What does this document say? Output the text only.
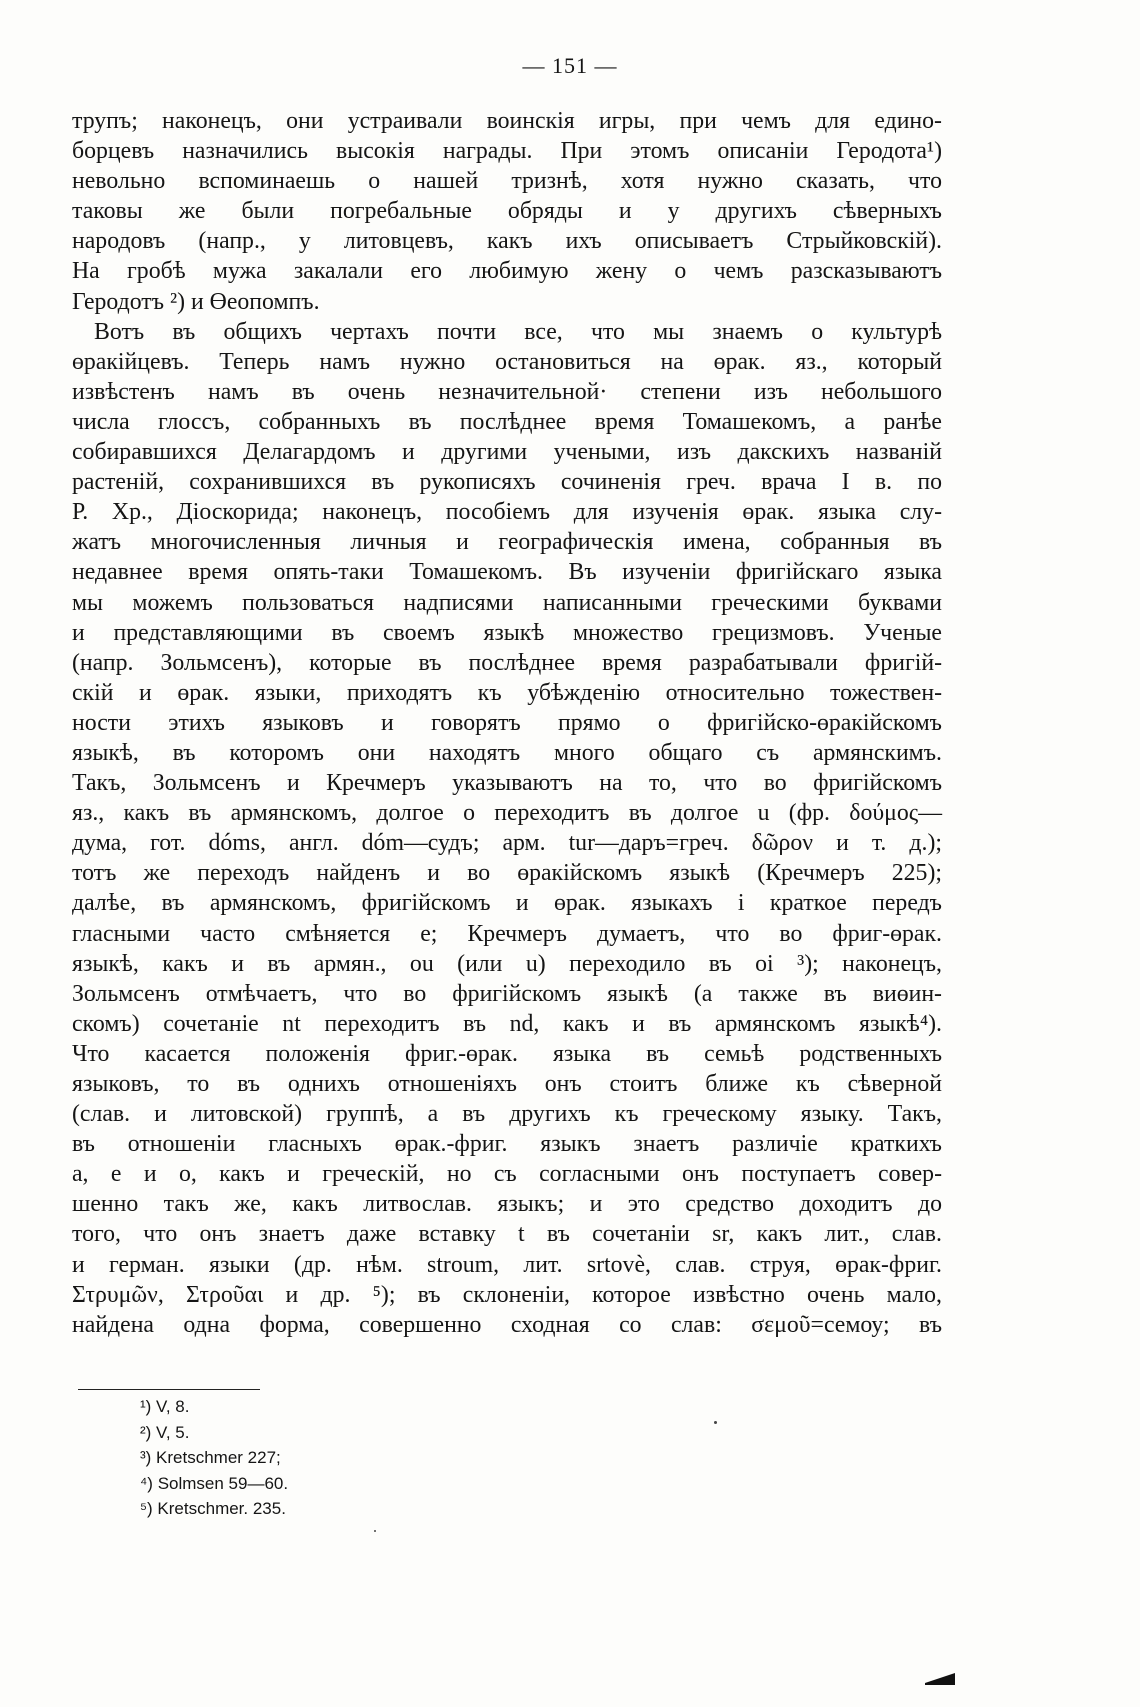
— 151 —
трупъ; наконецъ, они устраивали воинскія игры, при чемъ для едино-
борцевъ назначились высокія награды. При этомъ описаніи Геродота¹)
невольно вспоминаешь о нашей тризнѣ, хотя нужно сказать, что
таковы же были погребальные обряды и у другихъ сѣверныхъ
народовъ (напр., у литовцевъ, какъ ихъ описываетъ Стрыйковскій).
На гробѣ мужа закалали его любимую жену о чемъ разсказываютъ
Геродотъ ²) и Өеопомпъ.
Вотъ въ общихъ чертахъ почти все, что мы знаемъ о культурѣ
өракійцевъ. Теперь намъ нужно остановиться на өрак. яз., который
извѣстенъ намъ въ очень незначительной· степени изъ небольшого
числа глоссъ, собранныхъ въ послѣднее время Томашекомъ, а ранѣе
собиравшихся Делагардомъ и другими учеными, изъ дакскихъ названій
растеній, сохранившихся въ рукописяхъ сочиненія греч. врача I в. по
Р. Хр., Діоскорида; наконецъ, пособіемъ для изученія өрак. языка слу-
жатъ многочисленныя личныя и географическія имена, собранныя въ
недавнее время опять-таки Томашекомъ. Въ изученіи фригійскаго языка
мы можемъ пользоваться надписями написанными греческими буквами
и представляющими въ своемъ языкѣ множество грецизмовъ. Ученые
(напр. Зольмсенъ), которые въ послѣднее время разрабатывали фригій-
скій и өрак. языки, приходятъ къ убѣжденію относительно тожествен-
ности этихъ языковъ и говорятъ прямо о фригійско-өракійскомъ
языкѣ, въ которомъ они находятъ много общаго съ армянскимъ.
Такъ, Зольмсенъ и Кречмеръ указываютъ на то, что во фригійскомъ
яз., какъ въ армянскомъ, долгое о переходитъ въ долгое u (фр. δούμος—
дума, гот. dóms, англ. dóm—судъ; арм. tur—даръ=греч. δῶρον и т. д.);
тотъ же переходъ найденъ и во өракійскомъ языкѣ (Кречмеръ 225);
далѣе, въ армянскомъ, фригійскомъ и өрак. языкахъ i краткое передъ
гласными часто смѣняется e; Кречмеръ думаетъ, что во фриг-өрак.
языкѣ, какъ и въ армян., ou (или u) переходило въ oi ³); наконецъ,
Зольмсенъ отмѣчаетъ, что во фригійскомъ языкѣ (а также въ виөин-
скомъ) сочетаніе nt переходитъ въ nd, какъ и въ армянскомъ языкѣ⁴).
Что касается положенія фриг.-өрак. языка въ семьѣ родственныхъ
языковъ, то въ однихъ отношеніяхъ онъ стоитъ ближе къ сѣверной
(слав. и литовской) группѣ, а въ другихъ къ греческому языку. Такъ,
въ отношеніи гласныхъ өрак.-фриг. языкъ знаетъ различіе краткихъ
a, e и o, какъ и греческій, но съ согласными онъ поступаетъ совер-
шенно такъ же, какъ литвослав. языкъ; и это средство доходитъ до
того, что онъ знаетъ даже вставку t въ сочетаніи sr, какъ лит., слав.
и герман. языки (др. нѣм. stroum, лит. srtovè, слав. струя, өрак-фриг.
Στρυμῶν, Στροῦαι и др. ⁵); въ склоненіи, которое извѣстно очень мало,
найдена одна форма, совершенно сходная со слав: σεμοῦ=семоу; въ
¹) V, 8.
²) V, 5.
³) Kretschmer 227;
⁴) Solmsen 59—60.
⁵) Kretschmer. 235.
